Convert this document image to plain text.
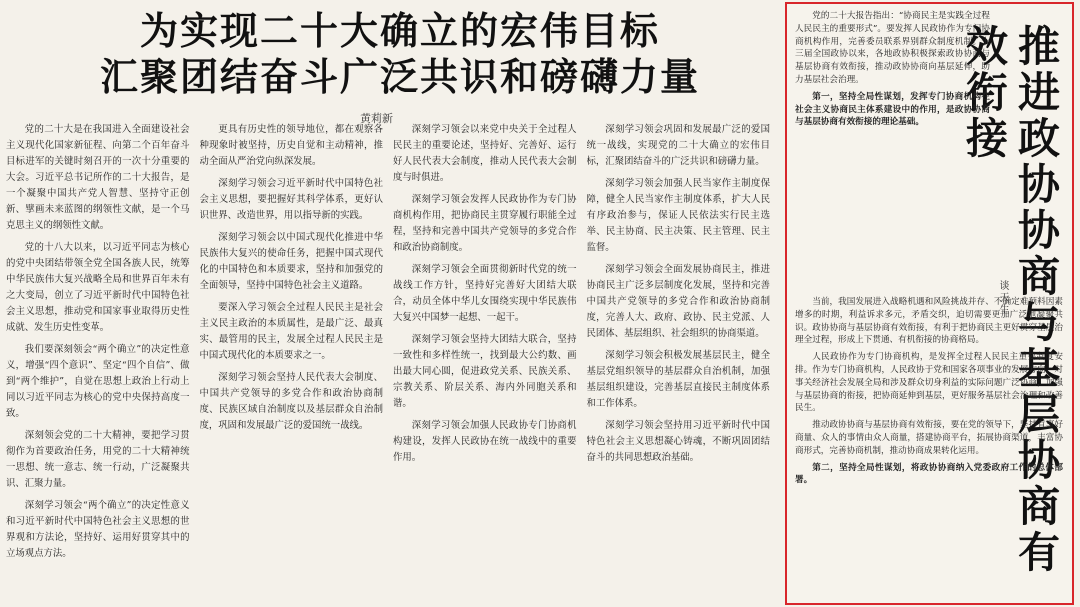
为实现二十大确立的宏伟目标
汇聚团结奋斗广泛共识和磅礴力量
黄莉新

党的二十大是在我国进入全面建设社会主义现代化国家新征程、向第二个百年奋斗目标进军的关键时刻召开的一次十分重要的大会。习近平总书记所作的二十大报告，是一个凝聚中国共产党人智慧、坚持守正创新、擘画未来蓝图的纲领性文献，是一个马克思主义的纲领性文献。

党的十八大以来，以习近平同志为核心的党中央团结带领全党全国各族人民，统筹中华民族伟大复兴战略全局和世界百年未有之大变局，创立了习近平新时代中国特色社会主义思想，推动党和国家事业取得历史性成就、发生历史性变革。

我们要深刻领会“两个确立”的决定性意义，增强“四个意识”、坚定“四个自信”、做到“两个维护”，自觉在思想上政治上行动上同以习近平同志为核心的党中央保持高度一致。

深刻领会党的二十大精神，要把学习贯彻作为首要政治任务，用党的二十大精神统一思想、统一意志、统一行动，广泛凝聚共识、汇聚力量。

深刻学习领会“两个确立”的决定性意义和习近平新时代中国特色社会主义思想的世界观和方法论，坚持好、运用好贯穿其中的立场观点方法。

更具有历史性的领导地位，都在观察各种现象时被坚持，历史自觉和主动精神，推动全面从严治党向纵深发展。

深刻学习领会习近平新时代中国特色社会主义思想，要把握好其科学体系，更好认识世界、改造世界，用以指导新的实践。

深刻学习领会以中国式现代化推进中华民族伟大复兴的使命任务，把握中国式现代化的中国特色和本质要求，坚持和加强党的全面领导，坚持中国特色社会主义道路。

要深入学习领会全过程人民民主是社会主义民主政治的本质属性，是最广泛、最真实、最管用的民主，发展全过程人民民主是中国式现代化的本质要求之一。

深刻学习领会坚持人民代表大会制度、中国共产党领导的多党合作和政治协商制度、民族区域自治制度以及基层群众自治制度，巩固和发展最广泛的爱国统一战线。

深刻学习领会以来党中央关于全过程人民民主的重要论述，坚持好、完善好、运行好人民代表大会制度，推动人民代表大会制度与时俱进。

深刻学习领会发挥人民政协作为专门协商机构作用，把协商民主贯穿履行职能全过程，坚持和完善中国共产党领导的多党合作和政治协商制度。

深刻学习领会全面贯彻新时代党的统一战线工作方针，坚持好完善好大团结大联合，动员全体中华儿女围绕实现中华民族伟大复兴中国梦一起想、一起干。

深刻学习领会坚持大团结大联合，坚持一致性和多样性统一，找到最大公约数、画出最大同心圆，促进政党关系、民族关系、宗教关系、阶层关系、海内外同胞关系和谐。

深刻学习领会加强人民政协专门协商机构建设，发挥人民政协在统一战线中的重要作用。

深刻学习领会巩固和发展最广泛的爱国统一战线，实现党的二十大确立的宏伟目标，汇聚团结奋斗的广泛共识和磅礴力量。

深刻学习领会加强人民当家作主制度保障，健全人民当家作主制度体系，扩大人民有序政治参与，保证人民依法实行民主选举、民主协商、民主决策、民主管理、民主监督。

深刻学习领会全面发展协商民主，推进协商民主广泛多层制度化发展，坚持和完善中国共产党领导的多党合作和政治协商制度，完善人大、政府、政协、民主党派、人民团体、基层组织、社会组织的协商渠道。

深刻学习领会积极发展基层民主，健全基层党组织领导的基层群众自治机制，加强基层组织建设，完善基层直接民主制度体系和工作体系。

深刻学习领会坚持用习近平新时代中国特色社会主义思想凝心铸魂，不断巩固团结奋斗的共同思想政治基础。	推进政协协商与基层协商有效衔接
谈天生

党的二十大报告指出：“协商民主是实践全过程人民民主的重要形式”。要发挥人民政协作为专门协商机构作用，完善委员联系界别群众制度机制。十三届全国政协以来，各地政协积极探索政协协商与基层协商有效衔接，推动政协协商向基层延伸，助力基层社会治理。

第一，坚持全局性谋划，发挥专门协商机构在社会主义协商民主体系建设中的作用，是政协协商与基层协商有效衔接的理论基础。

当前，我国发展进入战略机遇和风险挑战并存、不确定难预料因素增多的时期，利益诉求多元，矛盾交织，迫切需要更加广泛地凝聚共识。政协协商与基层协商有效衔接，有利于把协商民主更好贯穿基层治理全过程，形成上下贯通、有机衔接的协商格局。

人民政协作为专门协商机构，是发挥全过程人民民主重要制度安排。作为专门协商机构，人民政协于党和国家各项事业的发展方向，对事关经济社会发展全局和涉及群众切身利益的实际问题广泛协商，加强与基层协商的衔接，把协商延伸到基层，更好服务基层社会治理和改善民生。

推动政协协商与基层协商有效衔接，要在党的领导下，坚持有事好商量、众人的事情由众人商量，搭建协商平台，拓展协商渠道，丰富协商形式，完善协商机制，推动协商成果转化运用。

第二，坚持全局性谋划，将政协协商纳入党委政府工作的总体部署。
